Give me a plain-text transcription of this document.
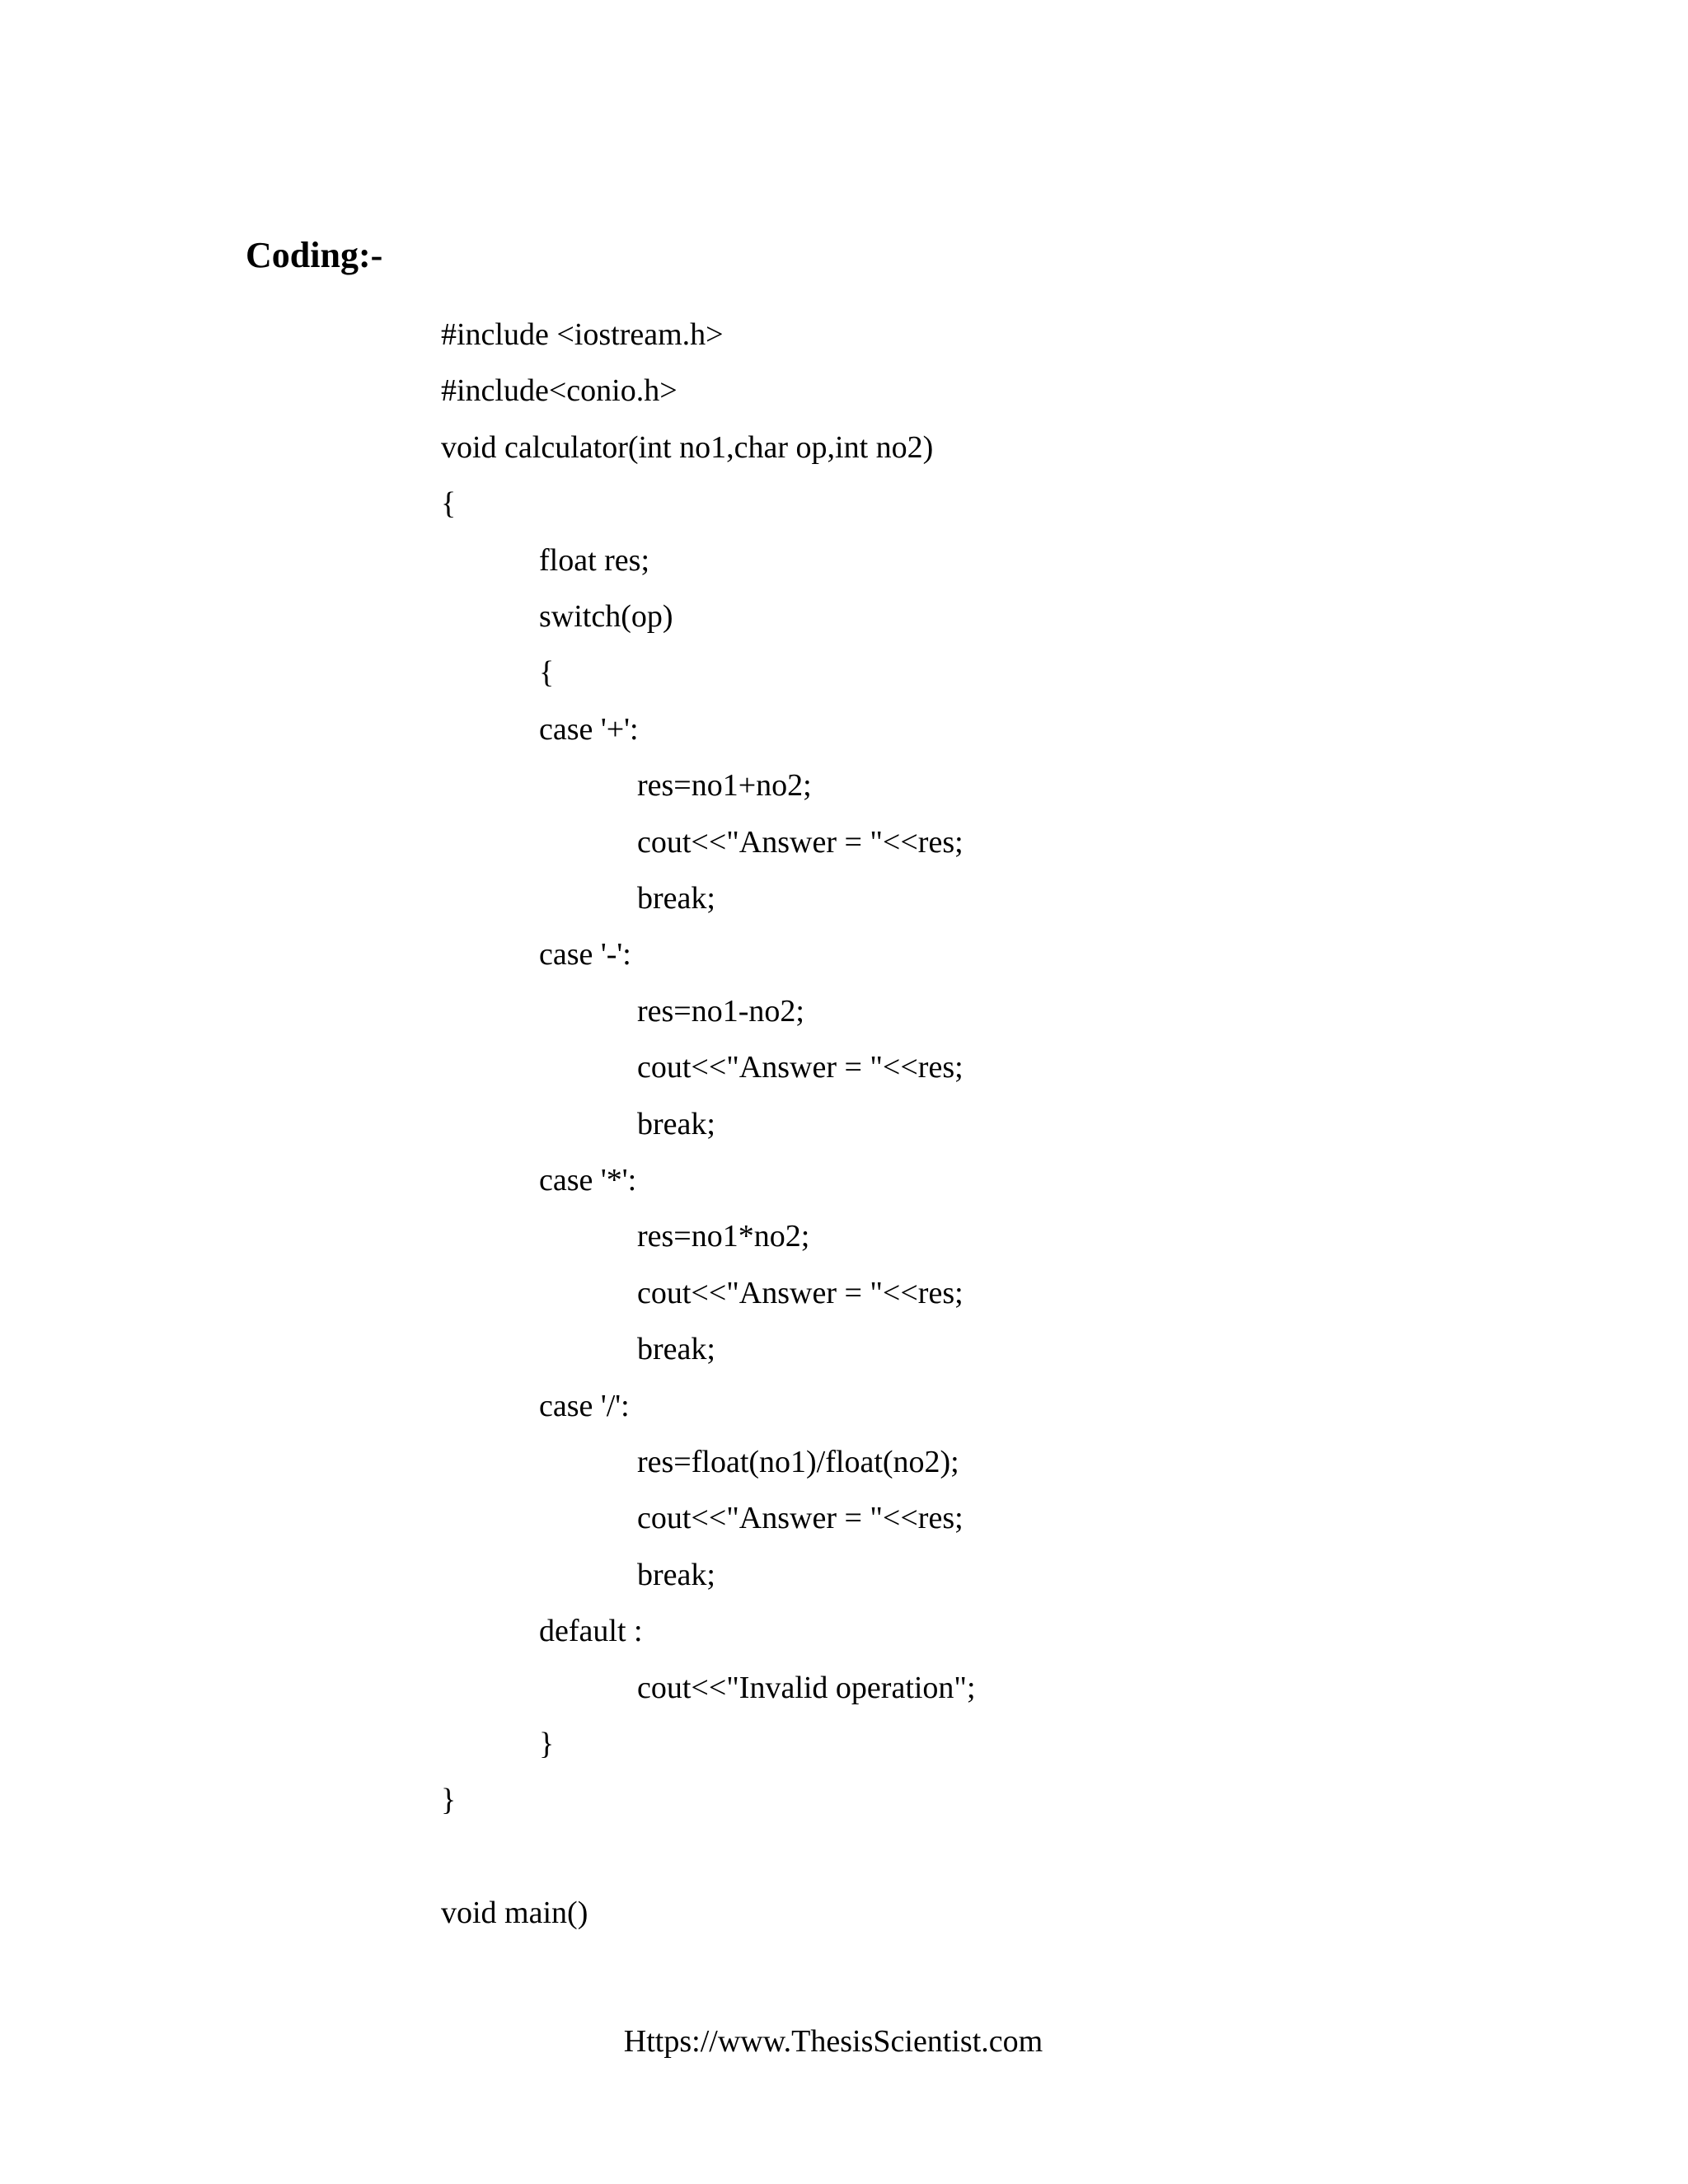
Coding:-
#include <iostream.h>
#include<conio.h>
void calculator(int no1,char op,int no2)
{
float res;
switch(op)
{
case '+':
res=no1+no2;
cout<<"Answer = "<<res;
break;
case '-':
res=no1-no2;
cout<<"Answer = "<<res;
break;
case '*':
res=no1*no2;
cout<<"Answer = "<<res;
break;
case '/':
res=float(no1)/float(no2);
cout<<"Answer = "<<res;
break;
default :
cout<<"Invalid operation";
}
}
void main()

Https://www.ThesisScientist.com
